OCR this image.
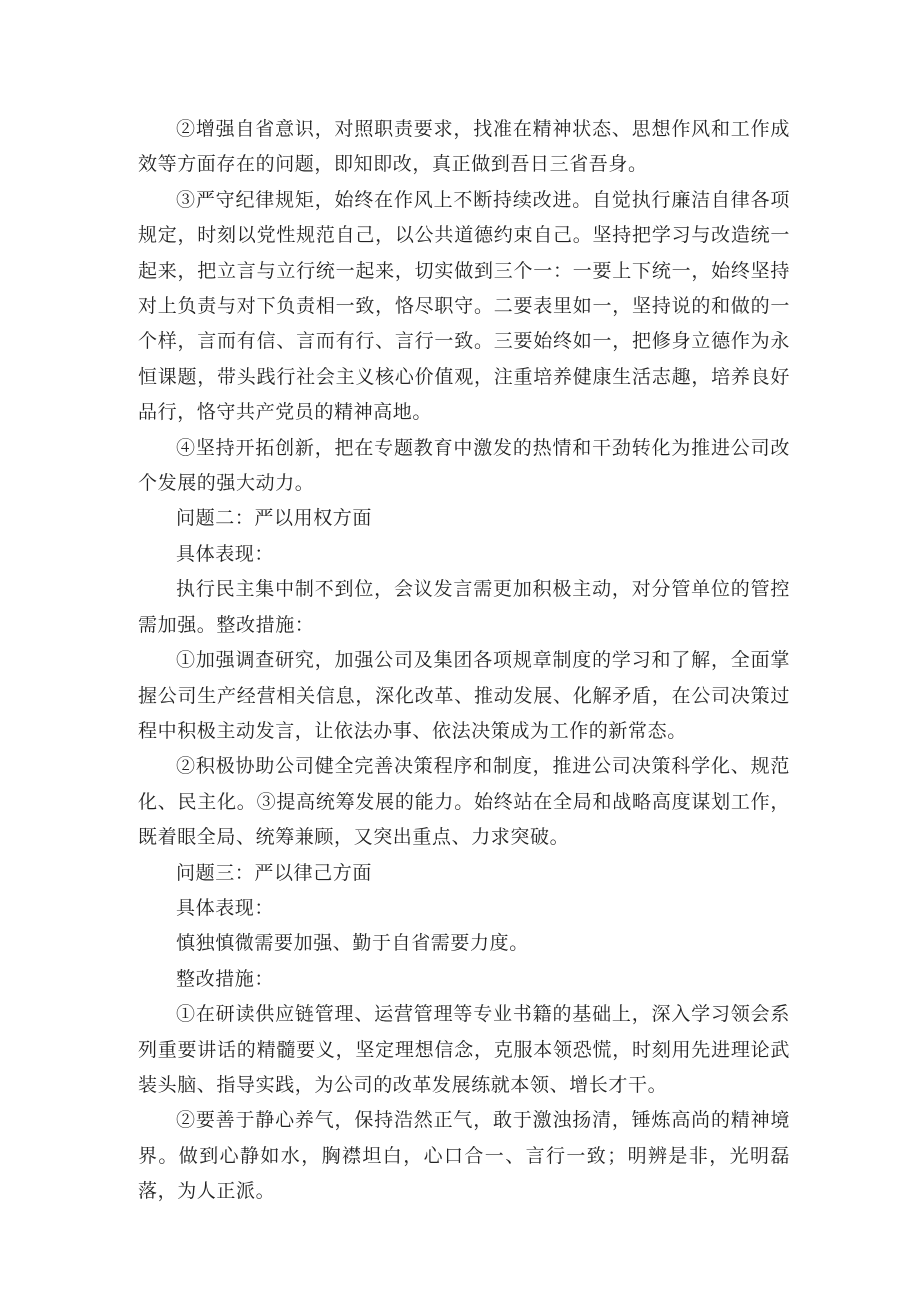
②增强自省意识，对照职责要求，找准在精神状态、思想作风和工作成效等方面存在的问题，即知即改，真正做到吾日三省吾身。

③严守纪律规矩，始终在作风上不断持续改进。自觉执行廉洁自律各项规定，时刻以党性规范自己，以公共道德约束自己。坚持把学习与改造统一起来，把立言与立行统一起来，切实做到三个一：一要上下统一，始终坚持对上负责与对下负责相一致，恪尽职守。二要表里如一，坚持说的和做的一个样，言而有信、言而有行、言行一致。三要始终如一，把修身立德作为永恒课题，带头践行社会主义核心价值观，注重培养健康生活志趣，培养良好品行，恪守共产党员的精神高地。

④坚持开拓创新，把在专题教育中激发的热情和干劲转化为推进公司改个发展的强大动力。

问题二：严以用权方面

具体表现：

执行民主集中制不到位，会议发言需更加积极主动，对分管单位的管控需加强。整改措施：

①加强调查研究，加强公司及集团各项规章制度的学习和了解，全面掌握公司生产经营相关信息，深化改革、推动发展、化解矛盾，在公司决策过程中积极主动发言，让依法办事、依法决策成为工作的新常态。

②积极协助公司健全完善决策程序和制度，推进公司决策科学化、规范化、民主化。③提高统筹发展的能力。始终站在全局和战略高度谋划工作，既着眼全局、统筹兼顾，又突出重点、力求突破。

问题三：严以律己方面

具体表现：

慎独慎微需要加强、勤于自省需要力度。

整改措施：

①在研读供应链管理、运营管理等专业书籍的基础上，深入学习领会系列重要讲话的精髓要义，坚定理想信念，克服本领恐慌，时刻用先进理论武装头脑、指导实践，为公司的改革发展练就本领、增长才干。

②要善于静心养气，保持浩然正气，敢于激浊扬清，锤炼高尚的精神境界。做到心静如水，胸襟坦白，心口合一、言行一致；明辨是非，光明磊落，为人正派。
